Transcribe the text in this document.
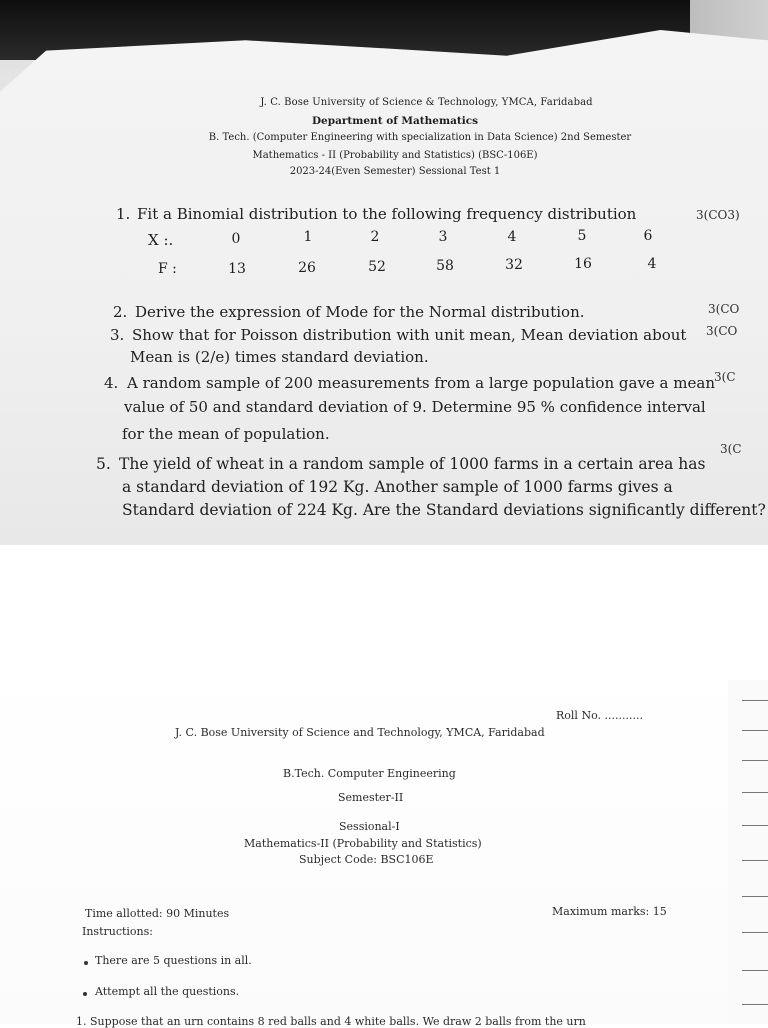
J. C. Bose University of Science & Technology, YMCA, Faridabad
Department of Mathematics
B. Tech. (Computer Engineering with specialization in Data Science) 2nd Semester
Mathematics - II (Probability and Statistics) (BSC-106E)
2023-24(Even Semester) Sessional Test 1
1. Fit a Binomial distribution to the following frequency distribution	3(CO3)
X :.	0	1	2	3	4	5	6
F :	13	26	52	58	32	16	4
2. Derive the expression of Mode for the Normal distribution.	3(CO
3. Show that for Poisson distribution with unit mean, Mean deviation about
Mean is (2/e) times standard deviation.
3(CO
4. A random sample of 200 measurements from a large population gave a mean
value of 50 and standard deviation of 9. Determine 95 % confidence interval
for the mean of population.
3(C
5. The yield of wheat in a random sample of 1000 farms in a certain area has
a standard deviation of 192 Kg. Another sample of 1000 farms gives a
Standard deviation of 224 Kg. Are the Standard deviations significantly different?
3(C
Roll No. ...........
J. C. Bose University of Science and Technology, YMCA, Faridabad
B.Tech. Computer Engineering
Semester-II
Sessional-I
Mathematics-II (Probability and Statistics)
Subject Code: BSC106E
Time allotted: 90 Minutes	Maximum marks: 15
Instructions:
There are 5 questions in all.
Attempt all the questions.
1. Suppose that an urn contains 8 red balls and 4 white balls. We draw 2 balls from the urn
